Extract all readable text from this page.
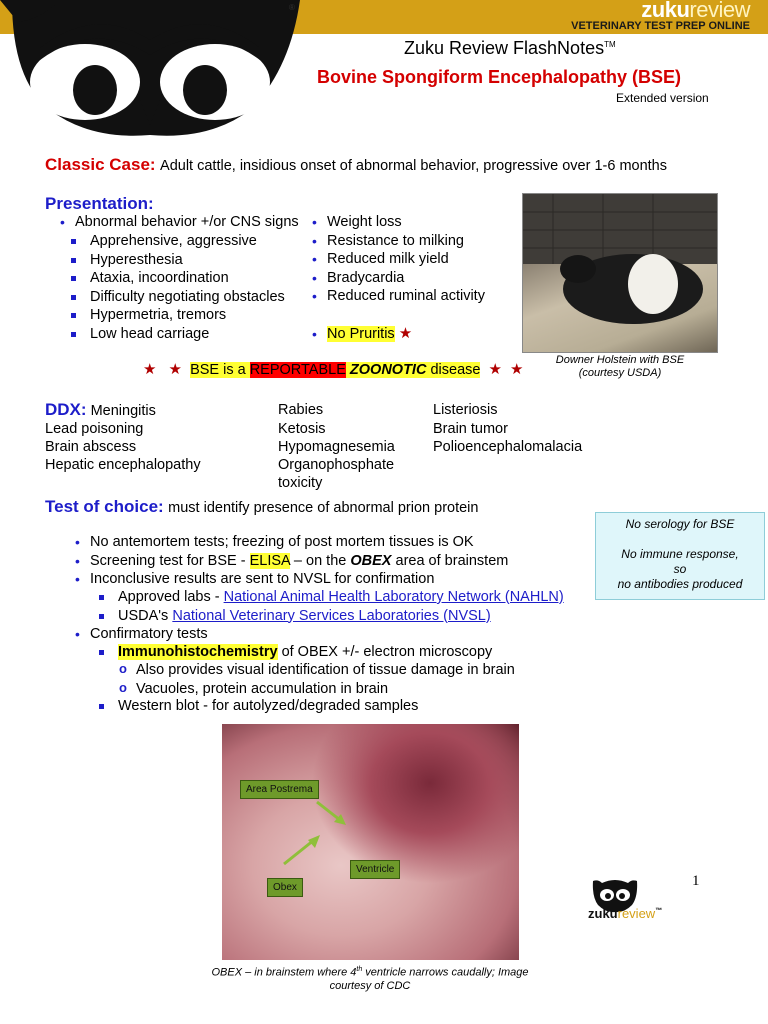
®	zukureview
VETERINARY TEST PREP ONLINE
Zuku Review FlashNotes™
Bovine Spongiform Encephalopathy (BSE)
Extended version
Classic Case: Adult cattle, insidious onset of abnormal behavior, progressive over 1-6 months
Presentation:
• Abnormal behavior +/or CNS signs
Apprehensive, aggressive
Hyperesthesia
Ataxia, incoordination
Difficulty negotiating obstacles
Hypermetria, tremors
Low head carriage
• Weight loss
• Resistance to milking
• Reduced milk yield
• Bradycardia
• Reduced ruminal activity
• No Pruritis ★
Downer Holstein with BSE
(courtesy USDA)
★ ★ BSE is a REPORTABLE ZOONOTIC disease ★ ★
DDX: Meningitis	Rabies	Listeriosis
Lead poisoning	Ketosis	Brain tumor
Brain abscess	Hypomagnesemia	Polioencephalomalacia
Hepatic encephalopathy	Organophosphate toxicity	
Test of choice: must identify presence of abnormal prion protein
• No antemortem tests; freezing of post mortem tissues is OK
• Screening test for BSE - ELISA – on the OBEX area of brainstem
• Inconclusive results are sent to NVSL for confirmation
Approved labs - National Animal Health Laboratory Network (NAHLN)
USDA's National Veterinary Services Laboratories (NVSL)
• Confirmatory tests
Immunohistochemistry of OBEX +/- electron microscopy
o Also provides visual identification of tissue damage in brain
o Vacuoles, protein accumulation in brain
Western blot - for autolyzed/degraded samples
No serology for BSE
No immune response,
so
no antibodies produced
Area Postrema
Obex
Ventricle
OBEX – in brainstem where 4th ventricle narrows caudally; Image
courtesy of CDC
1
zukureview™
